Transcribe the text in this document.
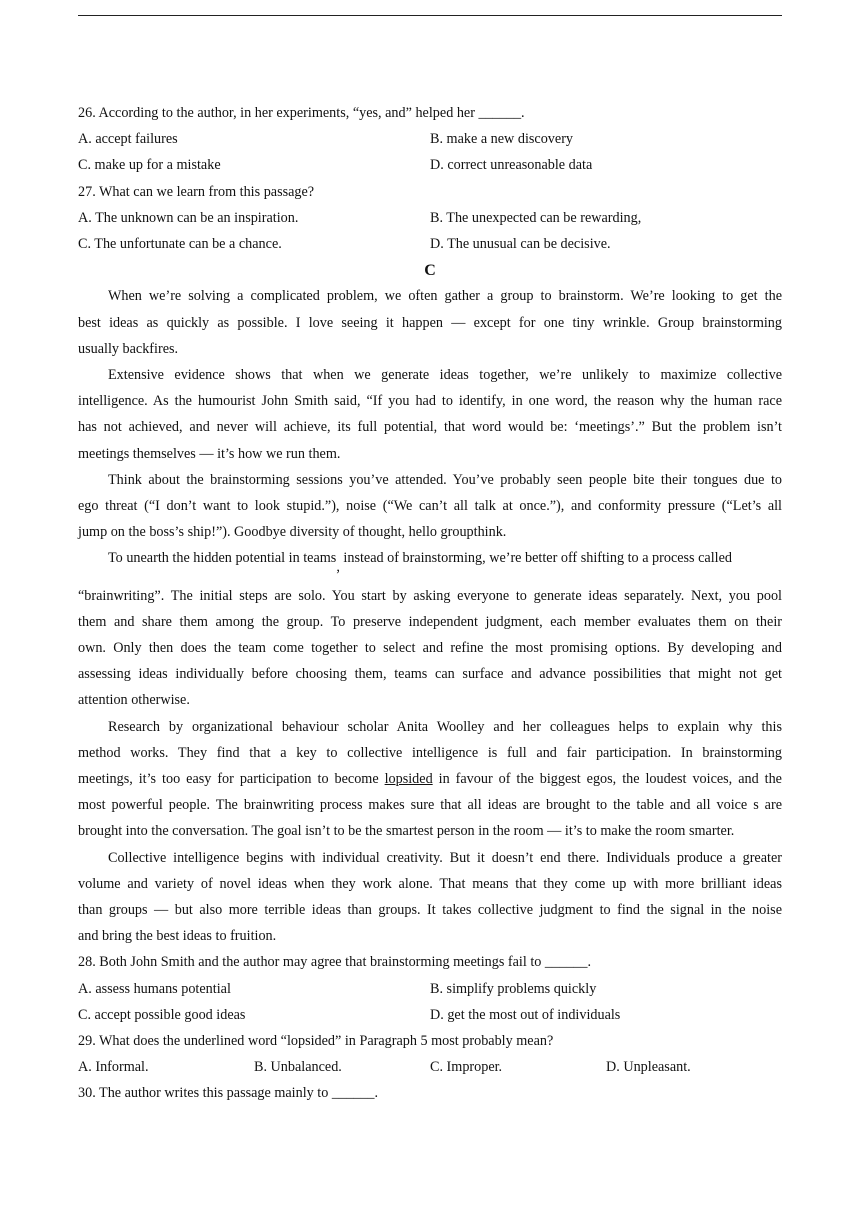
26. According to the author, in her experiments, “yes, and” helped her ______.
A. accept failures	B. make a new discovery
C. make up for a mistake	D. correct unreasonable data
27. What can we learn from this passage?
A. The unknown can be an inspiration.	B. The unexpected can be rewarding,
C. The unfortunate can be a chance.	D. The unusual can be decisive.
C

When we’re solving a complicated problem, we often gather a group to brainstorm. We’re looking to get the

best ideas as quickly as possible. I love seeing it happen — except for one tiny wrinkle. Group brainstorming

usually backfires.

Extensive evidence shows that when we generate ideas together, we’re unlikely to maximize collective

intelligence. As the humourist John Smith said, “If you had to identify, in one word, the reason why the human race

has not achieved, and never will achieve, its full potential, that word would be: ‘meetings’.” But the problem isn’t

meetings themselves — it’s how we run them.

Think about the brainstorming sessions you’ve attended. You’ve probably seen people bite their tongues due to

ego threat (“I don’t want to look stupid.”), noise (“We can’t all talk at once.”), and conformity pressure (“Let’s all

jump on the boss’s ship!”). Goodbye diversity of thought, hello groupthink.

To unearth the hidden potential in teams, instead of brainstorming, we’re better off shifting to a process called

“brainwriting”. The initial steps are solo. You start by asking everyone to generate ideas separately. Next, you pool

them and share them among the group. To preserve independent judgment, each member evaluates them on their

own. Only then does the team come together to select and refine the most promising options. By developing and

assessing ideas individually before choosing them, teams can surface and advance possibilities that might not get

attention otherwise.

Research by organizational behaviour scholar Anita Woolley and her colleagues helps to explain why this

method works. They find that a key to collective intelligence is full and fair participation. In brainstorming

meetings, it’s too easy for participation to become lopsided in favour of the biggest egos, the loudest voices, and the

most powerful people. The brainwriting process makes sure that all ideas are brought to the table and all voice s are

brought into the conversation. The goal isn’t to be the smartest person in the room — it’s to make the room smarter.

Collective intelligence begins with individual creativity. But it doesn’t end there. Individuals produce a greater

volume and variety of novel ideas when they work alone. That means that they come up with more brilliant ideas

than groups — but also more terrible ideas than groups. It takes collective judgment to find the signal in the noise

and bring the best ideas to fruition.

28. Both John Smith and the author may agree that brainstorming meetings fail to ______.
A. assess humans potential	B. simplify problems quickly
C. accept possible good ideas	D. get the most out of individuals
29. What does the underlined word “lopsided” in Paragraph 5 most probably mean?
A. Informal.	B. Unbalanced.	C. Improper.	D. Unpleasant.
30. The author writes this passage mainly to ______.
